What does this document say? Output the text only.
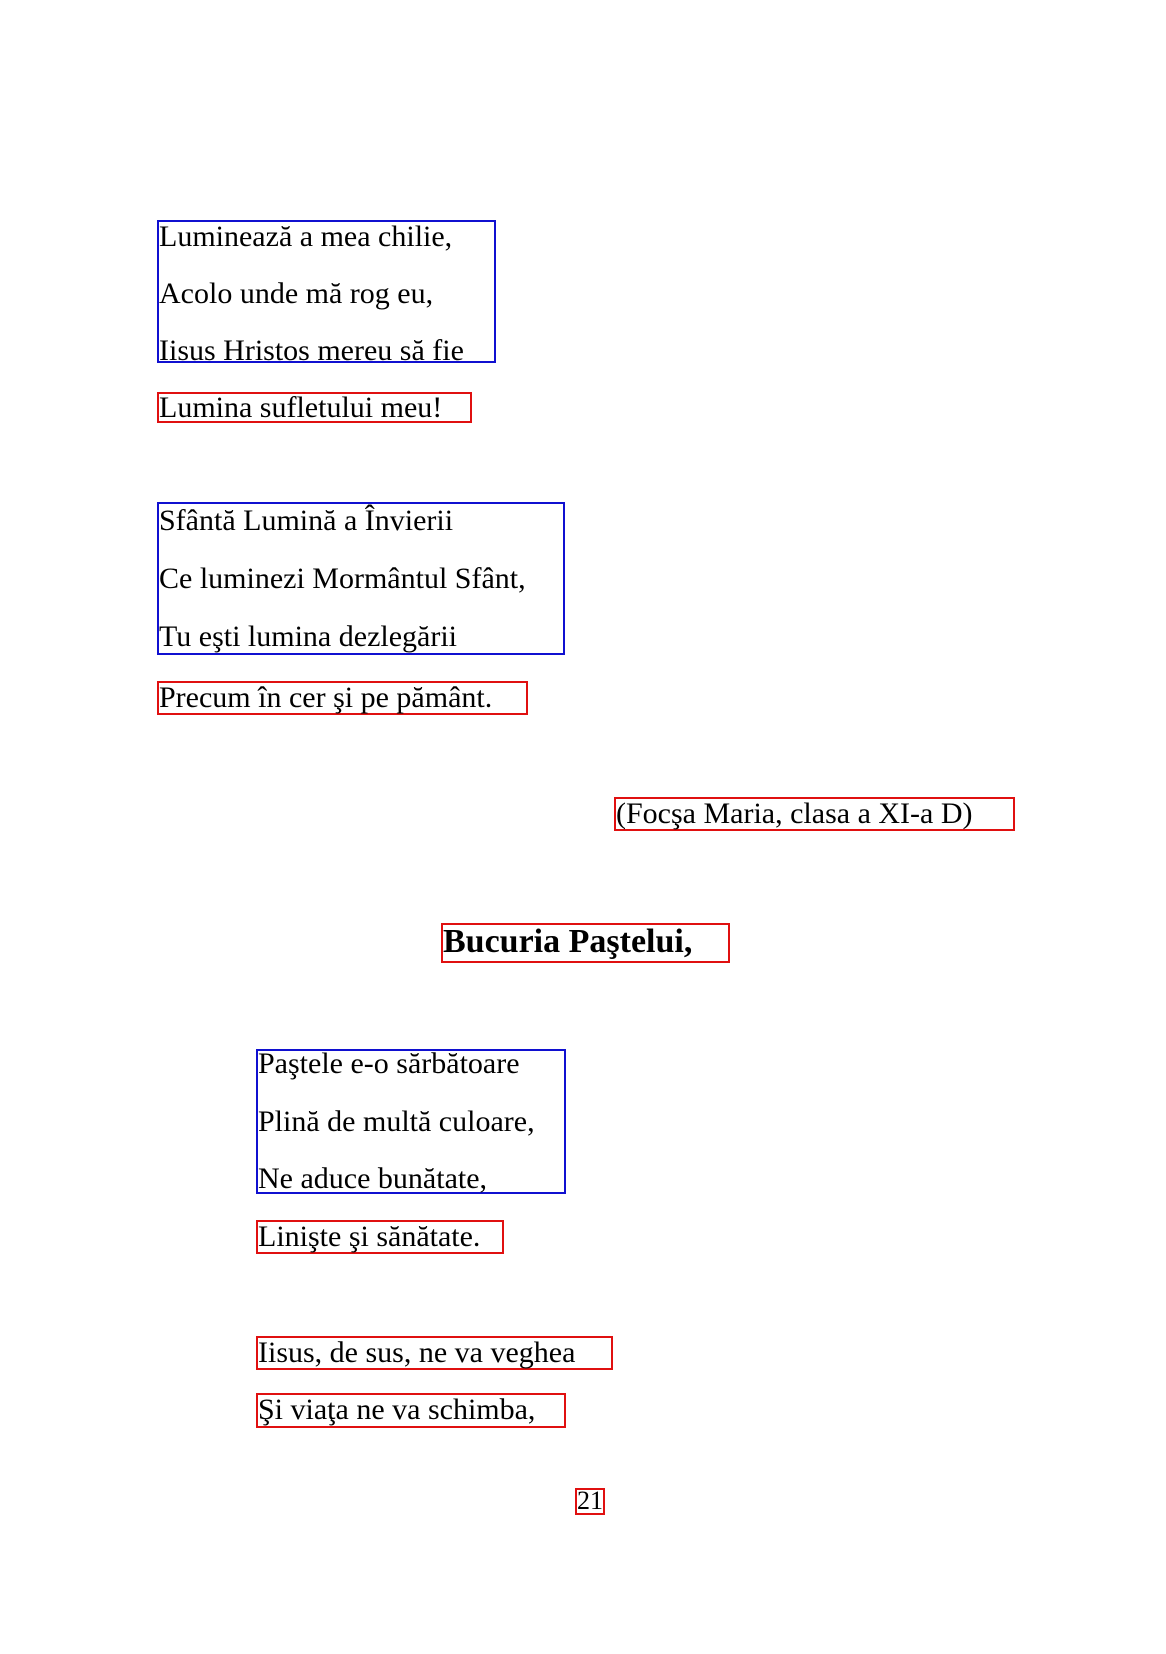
Luminează a mea chilie,
Acolo unde mă rog eu,
Iisus Hristos mereu să fie
Lumina sufletului meu!
Sfântă Lumină a Învierii
Ce luminezi Mormântul Sfânt,
Tu eşti lumina dezlegării
Precum în cer şi pe pământ.
(Focşa Maria, clasa a XI-a D)
Bucuria Paştelui,
Paştele e-o sărbătoare
Plină de multă culoare,
Ne aduce bunătate,
Linişte şi sănătate.
Iisus, de sus, ne va veghea
Şi viaţa ne va schimba,
21
